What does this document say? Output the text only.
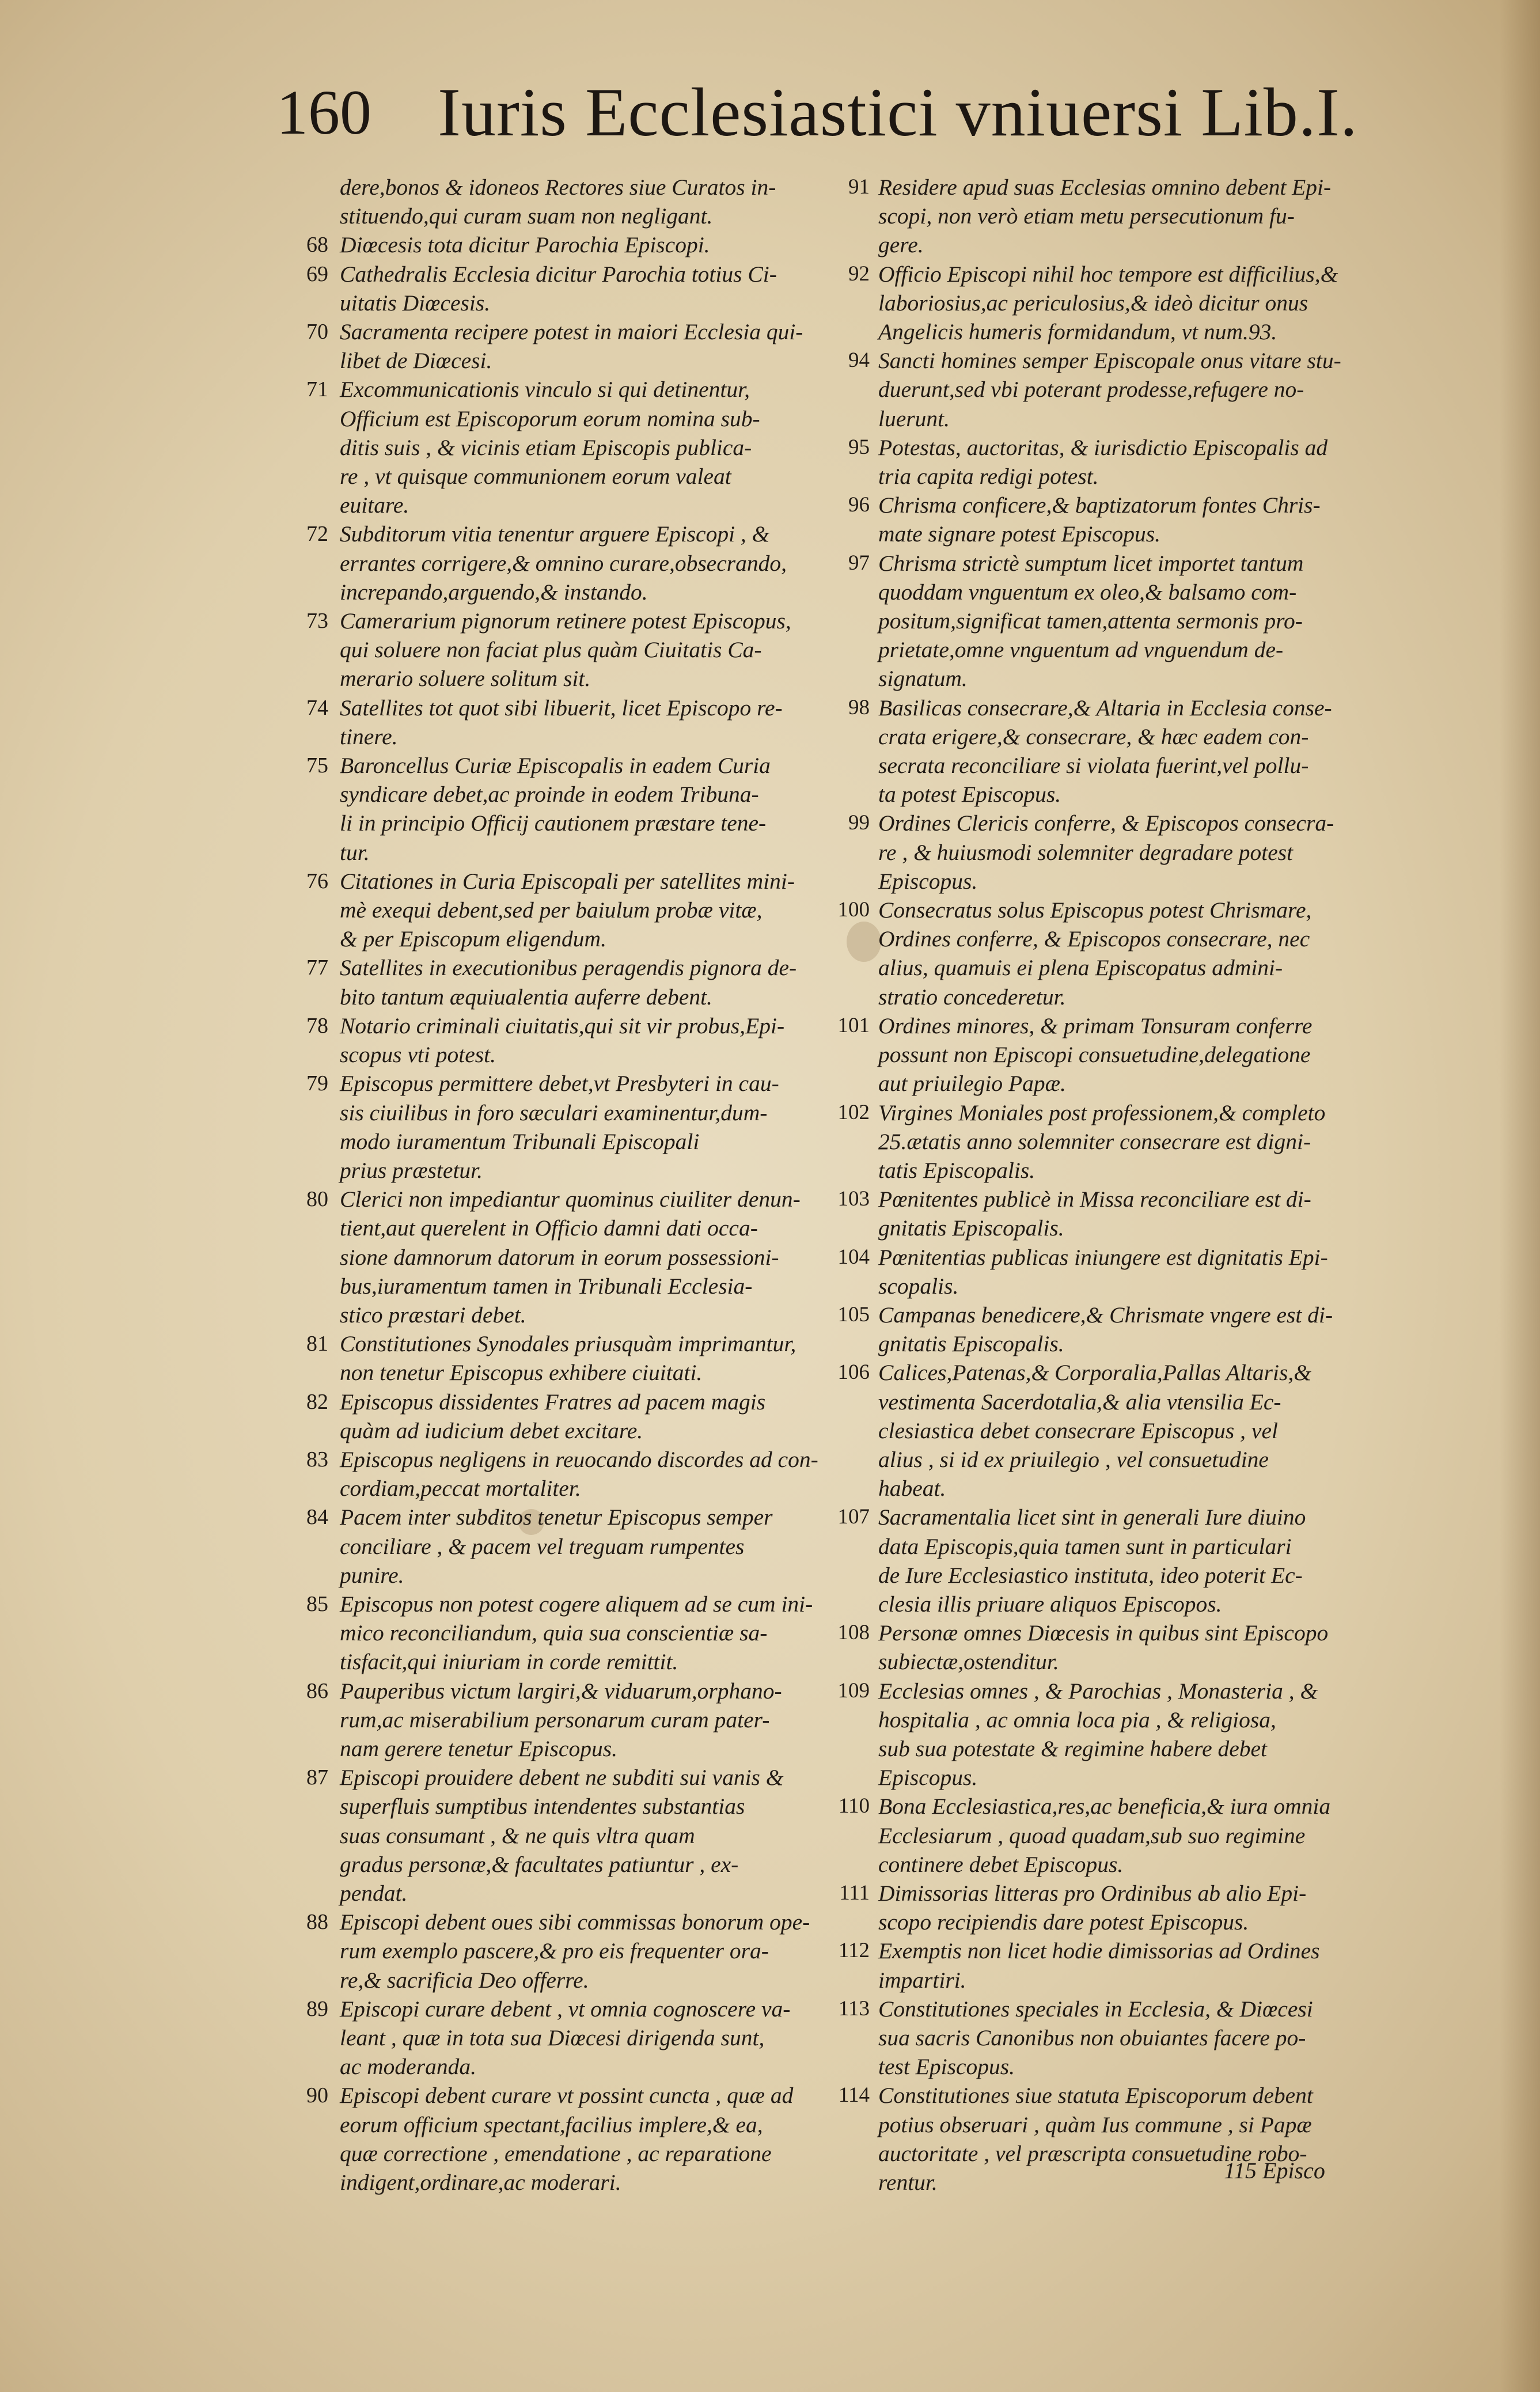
160 Iuris Ecclesiastici vniuersi Lib.I.
dere,bonos & idoneos Rectores siue Curatos in-
stituendo,qui curam suam non negligant.
68 Diœcesis tota dicitur Parochia Episcopi.
69 Cathedralis Ecclesia dicitur Parochia totius Ci-
uitatis Diœcesis.
70 Sacramenta recipere potest in maiori Ecclesia qui-
libet de Diœcesi.
71 Excommunicationis vinculo si qui detinentur,
Officium est Episcoporum eorum nomina sub-
ditis suis , & vicinis etiam Episcopis publica-
re , vt quisque communionem eorum valeat
euitare.
72 Subditorum vitia tenentur arguere Episcopi , &
errantes corrigere,& omnino curare,obsecrando,
increpando,arguendo,& instando.
73 Camerarium pignorum retinere potest Episcopus,
qui soluere non faciat plus quàm Ciuitatis Ca-
merario soluere solitum sit.
74 Satellites tot quot sibi libuerit, licet Episcopo re-
tinere.
75 Baroncellus Curiæ Episcopalis in eadem Curia
syndicare debet,ac proinde in eodem Tribuna-
li in principio Officij cautionem præstare tene-
tur.
76 Citationes in Curia Episcopali per satellites mini-
mè exequi debent,sed per baiulum probæ vitæ,
& per Episcopum eligendum.
77 Satellites in executionibus peragendis pignora de-
bito tantum æquiualentia auferre debent.
78 Notario criminali ciuitatis,qui sit vir probus,Epi-
scopus vti potest.
79 Episcopus permittere debet,vt Presbyteri in cau-
sis ciuilibus in foro sæculari examinentur,dum-
modo iuramentum Tribunali Episcopali
prius præstetur.
80 Clerici non impediantur quominus ciuiliter denun-
tient,aut querelent in Officio damni dati occa-
sione damnorum datorum in eorum possessioni-
bus,iuramentum tamen in Tribunali Ecclesia-
stico præstari debet.
81 Constitutiones Synodales priusquàm imprimantur,
non tenetur Episcopus exhibere ciuitati.
82 Episcopus dissidentes Fratres ad pacem magis
quàm ad iudicium debet excitare.
83 Episcopus negligens in reuocando discordes ad con-
cordiam,peccat mortaliter.
84 Pacem inter subditos tenetur Episcopus semper
conciliare , & pacem vel treguam rumpentes
punire.
85 Episcopus non potest cogere aliquem ad se cum ini-
mico reconciliandum, quia sua conscientiæ sa-
tisfacit,qui iniuriam in corde remittit.
86 Pauperibus victum largiri,& viduarum,orphano-
rum,ac miserabilium personarum curam pater-
nam gerere tenetur Episcopus.
87 Episcopi prouidere debent ne subditi sui vanis &
superfluis sumptibus intendentes substantias
suas consumant , & ne quis vltra quam
gradus personæ,& facultates patiuntur , ex-
pendat.
88 Episcopi debent oues sibi commissas bonorum ope-
rum exemplo pascere,& pro eis frequenter ora-
re,& sacrificia Deo offerre.
89 Episcopi curare debent , vt omnia cognoscere va-
leant , quæ in tota sua Diœcesi dirigenda sunt,
ac moderanda.
90 Episcopi debent curare vt possint cuncta , quæ ad
eorum officium spectant,facilius implere,& ea,
quæ correctione , emendatione , ac reparatione
indigent,ordinare,ac moderari.
91 Residere apud suas Ecclesias omnino debent Epi-
scopi, non verò etiam metu persecutionum fu-
gere.
92 Officio Episcopi nihil hoc tempore est difficilius,&
laboriosius,ac periculosius,& ideò dicitur onus
Angelicis humeris formidandum, vt num.93.
94 Sancti homines semper Episcopale onus vitare stu-
duerunt,sed vbi poterant prodesse,refugere no-
luerunt.
95 Potestas, auctoritas, & iurisdictio Episcopalis ad
tria capita redigi potest.
96 Chrisma conficere,& baptizatorum fontes Chris-
mate signare potest Episcopus.
97 Chrisma strictè sumptum licet importet tantum
quoddam vnguentum ex oleo,& balsamo com-
positum,significat tamen,attenta sermonis pro-
prietate,omne vnguentum ad vnguendum de-
signatum.
98 Basilicas consecrare,& Altaria in Ecclesia conse-
crata erigere,& consecrare, & hæc eadem con-
secrata reconciliare si violata fuerint,vel pollu-
ta potest Episcopus.
99 Ordines Clericis conferre, & Episcopos consecra-
re , & huiusmodi solemniter degradare potest
Episcopus.
100 Consecratus solus Episcopus potest Chrismare,
Ordines conferre, & Episcopos consecrare, nec
alius, quamuis ei plena Episcopatus admini-
stratio concederetur.
101 Ordines minores, & primam Tonsuram conferre
possunt non Episcopi consuetudine,delegatione
aut priuilegio Papæ.
102 Virgines Moniales post professionem,& completo
25.ætatis anno solemniter consecrare est digni-
tatis Episcopalis.
103 Pœnitentes publicè in Missa reconciliare est di-
gnitatis Episcopalis.
104 Pœnitentias publicas iniungere est dignitatis Epi-
scopalis.
105 Campanas benedicere,& Chrismate vngere est di-
gnitatis Episcopalis.
106 Calices,Patenas,& Corporalia,Pallas Altaris,&
vestimenta Sacerdotalia,& alia vtensilia Ec-
clesiastica debet consecrare Episcopus , vel
alius , si id ex priuilegio , vel consuetudine
habeat.
107 Sacramentalia licet sint in generali Iure diuino
data Episcopis,quia tamen sunt in particulari
de Iure Ecclesiastico instituta, ideo poterit Ec-
clesia illis priuare aliquos Episcopos.
108 Personæ omnes Diœcesis in quibus sint Episcopo
subiectæ,ostenditur.
109 Ecclesias omnes , & Parochias , Monasteria , &
hospitalia , ac omnia loca pia , & religiosa,
sub sua potestate & regimine habere debet
Episcopus.
110 Bona Ecclesiastica,res,ac beneficia,& iura omnia
Ecclesiarum , quoad quadam,sub suo regimine
continere debet Episcopus.
111 Dimissorias litteras pro Ordinibus ab alio Epi-
scopo recipiendis dare potest Episcopus.
112 Exemptis non licet hodie dimissorias ad Ordines
impartiri.
113 Constitutiones speciales in Ecclesia, & Diœcesi
sua sacris Canonibus non obuiantes facere po-
test Episcopus.
114 Constitutiones siue statuta Episcoporum debent
potius obseruari , quàm Ius commune , si Papæ
auctoritate , vel præscripta consuetudine robo-
rentur.	115 Episco
